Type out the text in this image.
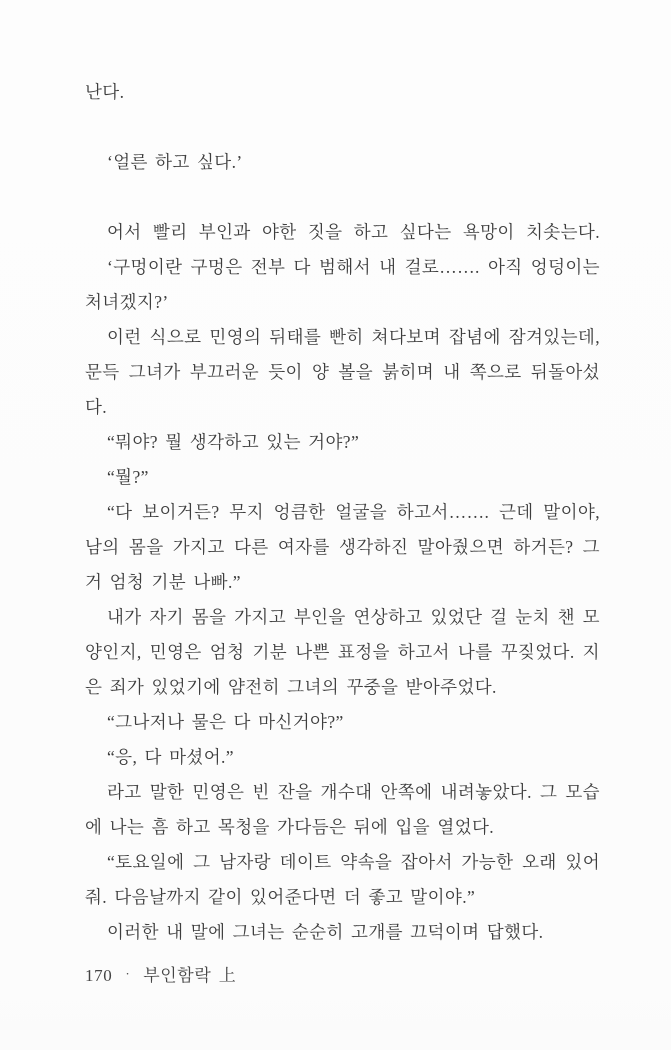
난다.
‘얼른 하고 싶다.’
어서 빨리 부인과 야한 짓을 하고 싶다는 욕망이 치솟는다.
‘구멍이란 구멍은 전부 다 범해서 내 걸로……. 아직 엉덩이는
처녀겠지?’
이런 식으로 민영의 뒤태를 빤히 쳐다보며 잡념에 잠겨있는데,
문득 그녀가 부끄러운 듯이 양 볼을 붉히며 내 쪽으로 뒤돌아섰
다.
“뭐야? 뭘 생각하고 있는 거야?”
“뭘?”
“다 보이거든? 무지 엉큼한 얼굴을 하고서……. 근데 말이야,
남의 몸을 가지고 다른 여자를 생각하진 말아줬으면 하거든? 그
거 엄청 기분 나빠.”
내가 자기 몸을 가지고 부인을 연상하고 있었단 걸 눈치 챈 모
양인지, 민영은 엄청 기분 나쁜 표정을 하고서 나를 꾸짖었다. 지
은 죄가 있었기에 얌전히 그녀의 꾸중을 받아주었다.
“그나저나 물은 다 마신거야?”
“응, 다 마셨어.”
라고 말한 민영은 빈 잔을 개수대 안쪽에 내려놓았다. 그 모습
에 나는 흠 하고 목청을 가다듬은 뒤에 입을 열었다.
“토요일에 그 남자랑 데이트 약속을 잡아서 가능한 오래 있어
줘. 다음날까지 같이 있어준다면 더 좋고 말이야.”
이러한 내 말에 그녀는 순순히 고개를 끄덕이며 답했다.
170 · 부인함락 上
